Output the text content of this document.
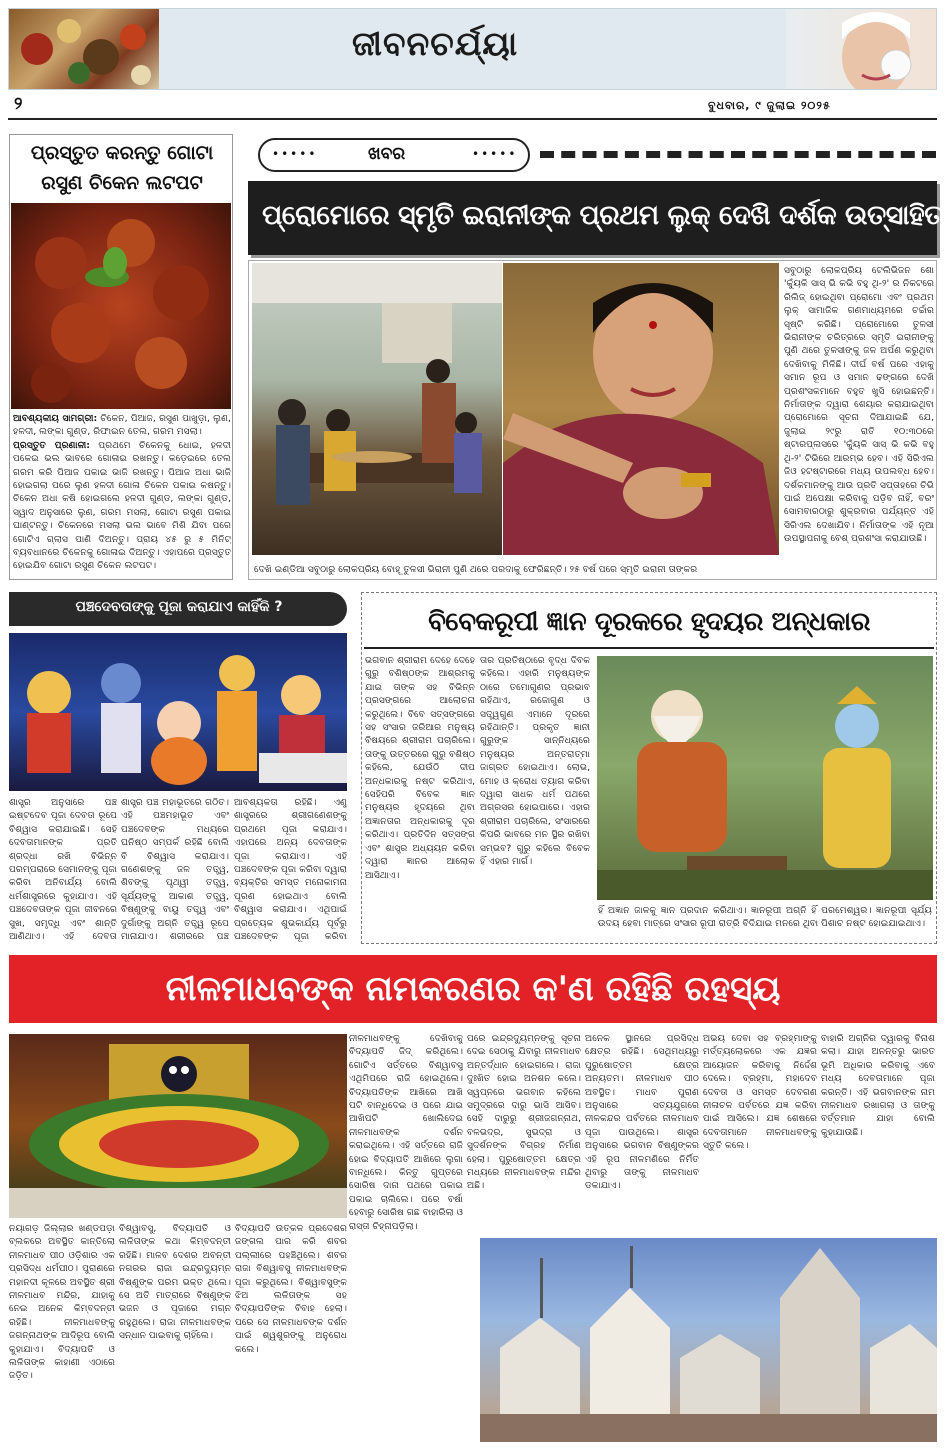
ଜୀବନଚର୍ଯ୍ୟା
୨	ବୁଧବାର, ୯ ଜୁଲାଇ ୨୦୨୫
ପ୍ରସ୍ତୁତ କରନ୍ତୁ ଗୋଟା ରସୁଣ ଚିକେନ ଲଟପଟ
ଆବଶ୍ୟକୀୟ ସାମଗ୍ରୀ: ଚିକେନ, ପିଆଜ, ରସୁଣ ପାଖୁଡ଼ା, ଲୁଣ, ହଳଦୀ, ଲଙ୍କା ଗୁଣ୍ଡ, ରିଫାଇନ ତେଲ, ଗରମ ମସଲା।
ପ୍ରସ୍ତୁତ ପ୍ରଣାଳୀ: ପ୍ରଥମେ ଚିକେନକୁ ଧୋଇ, ହଳଦୀ ପକେଇ ଭଲ ଭାବରେ ଗୋଳାଇ ରଖନ୍ତୁ। କଡ଼େଇରେ ତେଲ ଗରମ କରି ପିଆଜ ପକାଇ ଭାଜି ରଖନ୍ତୁ। ପିଆଜ ଅଧା ଭାଜି ହୋଇଗଲା ପରେ ଲୁଣ ହଳଦୀ ଗୋଳା ଚିକେନ ପକାଇ କଷନ୍ତୁ। ଚିକେନ ଅଧା କଷି ହୋଇଗଲେ ହଳଦୀ ଗୁଣ୍ଡ, ଲଙ୍କା ଗୁଣ୍ଡ, ସ୍ୱାଦ ଅନୁସାରେ ଲୁଣ, ଗରମ ମସଲା, ଗୋଟା ରସୁଣ ପକାଇ ଘାଣ୍ଟନ୍ତୁ। ଚିକେନରେ ମସଲା ଭଲ ଭାବେ ମିଶି ଯିବା ପରେ ଗୋଟିଏ ଗ୍ଲାସ ପାଣି ଦିଅନ୍ତୁ। ପ୍ରାୟ ୪୫ ରୁ ୫ ମିନିଟ୍ ବ୍ୟବଧାନରେ ଚିକେନକୁ ଗୋଳାଇ ଦିଅନ୍ତୁ। ଏହାପରେ ପ୍ରସ୍ତୁତ ହୋଇଯିବ ଗୋଟା ରସୁଣ ଚିକେନ ଲଟପଟ।
•••••	ଖବର	•••••
ପ୍ରୋମୋରେ ସ୍ମୃତି ଇରାନୀଙ୍କ ପ୍ରଥମ ଲୁକ୍ ଦେଖି ଦର୍ଶକ ଉତ୍ସାହିତ
ସବୁଠାରୁ ଲୋକପ୍ରିୟ ଟେଲିଭିଜନ ଶୋ 'କ୍ୟୁଁକି ସାସ୍ ଭି କଭି ବହୁ ଥି-୨' ର ନିକଟରେ ରିଲିଜ୍ ହୋଇଥିବା ପ୍ରୋମୋ ଏବଂ ପ୍ରଥମ ଲୁକ୍ ସାମାଜିକ ଗଣମାଧ୍ୟମରେ ଚର୍ଚ୍ଚାର ସୃଷ୍ଟି କରିଛି। ପ୍ରୋମୋରେ ତୁଳସୀ ଭିରାନୀଙ୍କ ଚରିତ୍ରରେ ସ୍ମୃତି ଇରାନୀଙ୍କୁ ପୁଣି ଥରେ ତୁଳସୀଙ୍କୁ ଜଳ ଅର୍ପଣ କରୁଥିବା ଦେଖିବାକୁ ମିଳିଛି। ଦୀର୍ଘ ବର୍ଷ ପରେ ଏହାକୁ ସମାନ ରୂପ ଓ ସମାନ ଢଙ୍ଗରେ ଦେଖି ପ୍ରଶଂସକମାନେ ବହୁତ ଖୁସି ହୋଇଛନ୍ତି। ନିର୍ମାତାଙ୍କ ଦ୍ୱାରା ଶେୟାର କରାଯାଇଥିବା ପ୍ରୋମୋରେ ସୂଚନା ଦିଆଯାଇଛି ଯେ, ଜୁଲାଇ ୨୯ରୁ ରାତି ୧୦:୩୦ରେ ଷ୍ଟାରପ୍ଲସରେ 'କ୍ୟୁଁକି ସାସ୍ ଭି କଭି ବହୁ ଥି-୨' ଟିଭିରେ ଆରମ୍ଭ ହେବ। ଏହି ସିରିଏଲ ଜିଓ ହଟଷ୍ଟାରରେ ମଧ୍ୟ ଉପଲବ୍ଧ ହେବ। ଦର୍ଶକମାନଙ୍କୁ ଆଉ ପ୍ରତି ସପ୍ତାହରେ ଚିଭି ପାଇଁ ଅପେକ୍ଷା କରିବାକୁ ପଡ଼ିବ ନାହିଁ, ବରଂ ସୋମବାରଠାରୁ ଶୁକ୍ରବାର ପର୍ଯ୍ୟନ୍ତ ଏହି ସିରିଏଲ ଦେଖାଯିବ। ନିର୍ମାତାଙ୍କ ଏହି ନୂଆ ଉପସ୍ଥାପନାକୁ ବେଶ୍ ପ୍ରଶଂସା କରାଯାଉଛି।
ଦେଖି ଇଣ୍ଡିଆ ସବୁଠାରୁ ଲୋକପ୍ରିୟ ବୋହୂ ତୁଳସୀ ଭିରାନୀ ପୁଣି ଥରେ ପରଦାକୁ ଫେରିଛନ୍ତି। ୨୫ ବର୍ଷ ପରେ ସ୍ମୃତି ଇରାନୀ ତାଙ୍କର
ପଞ୍ଚଦେବତାଙ୍କୁ ପୂଜା କରାଯାଏ କାହିଁକି ?
ଶାସ୍ତ୍ର ଅନୁସାରେ ପଞ୍ଚ ଇଷ୍ଟଦେବ ପୂଜା ଦେବତା ରୂପେ ବିଶ୍ୱାସ କରାଯାଇଛି। ସେହି ଦେବତାମାନଙ୍କ ପ୍ରତି ଶ୍ରଦ୍ଧା ରଖି ବିଭିନ୍ନ ପରମ୍ପରାରେ ସେମାନଙ୍କୁ ପୂଜା କରିବା ଅନିବାର୍ଯ୍ୟ ବୋଲି ଧର୍ମଶାସ୍ତ୍ରରେ କୁହାଯାଏ। ଏହି ପଞ୍ଚଦେବତାଙ୍କ ପୂଜା ଜୀବନରେ ସୁଖ, ସମୃଦ୍ଧି ଏବଂ ଶାନ୍ତି ଆଣିଥାଏ। ଏହି ଦେବତା
ଶାସ୍ତ୍ର ପଞ୍ଚ ମହାଭୂତରେ ଗଠିତ। ଏହି ପଞ୍ଚମହାଭୂତ ଏବଂ ପଞ୍ଚଦେବଙ୍କ ମଧ୍ୟରେ ଘନିଷ୍ଠ ସମ୍ପର୍କ ରହିଛି ବୋଲି ବି ବିଶ୍ୱାସ କରାଯାଏ। ଗଣେଶଙ୍କୁ ଜଳ ତତ୍ତ୍ୱ, ଶିବଙ୍କୁ ପୃଥ୍ୱୀ ତତ୍ତ୍ୱ, ସୂର୍ଯ୍ୟଙ୍କୁ ଆକାଶ ତତ୍ତ୍ୱ, ବିଷ୍ଣୁଙ୍କୁ ବାୟୁ ତତ୍ତ୍ୱ ଏବଂ ଦୁର୍ଗାଙ୍କୁ ଅଗ୍ନି ତତ୍ତ୍ୱ ରୂପେ ମାନାଯାଏ। ଶରୀରରେ ପଞ୍ଚ
ଆବଶ୍ୟକତା ରହିଛି। ଏଣୁ ଶାସ୍ତ୍ରରେ ଶ୍ରୀଗଣେଶଙ୍କୁ ପ୍ରଥମେ ପୂଜା କରାଯାଏ। ଏହାପରେ ଅନ୍ୟ ଦେବତାଙ୍କ ପୂଜା କରାଯାଏ। ଏହି ପଞ୍ଚଦେବଙ୍କ ପୂଜା କରିବା ଦ୍ୱାରା ବ୍ୟକ୍ତିର ସମସ୍ତ ମନୋକାମନା ପୂରଣ ହୋଇଥାଏ ବୋଲି ବିଶ୍ୱାସ କରାଯାଏ। ଏଥିପାଇଁ ପ୍ରତ୍ୟେକ ଶୁଭକାର୍ଯ୍ୟ ପୂର୍ବରୁ ପଞ୍ଚଦେବଙ୍କ ପୂଜା କରିବା
ବିବେକରୂପୀ ଜ୍ଞାନ ଦୂରକରେ ହୃଦୟର ଅନ୍ଧକାର
ଭଗବାନ ଶ୍ରୀରାମ ଦେହେ ଦେହେ ଗୁରୁ ବଶିଷ୍ଠଙ୍କ ଆଶ୍ରମକୁ ଯାଇ ତାଙ୍କ ସହ ବିଭିନ୍ନ ପ୍ରସଙ୍ଗରେ ଆଲୋଚନା କରୁଥିଲେ। ବିବେ ସତ୍ସଙ୍ଗରେ ସହ ସଂସାର ଜରିଆର ମନୁଷ୍ୟ ବିଷୟରେ ଶ୍ରୀରାମ ପଚାରିଲେ। ତାଙ୍କୁ ଉତ୍ତରରେ ଗୁରୁ ବଶିଷ୍ଠ କହିଲେ, ଯେଉଁଠି ଦୀପ ଅନ୍ଧକାରକୁ ନଷ୍ଟ କରିଥାଏ, ସେହିପରି ବିବେକ ଜ୍ଞାନ ମନୁଷ୍ୟର ହୃଦୟରେ ଥିବା ଅଜ୍ଞାନତାର ଅନ୍ଧକାରକୁ ଦୂର କରିଥାଏ। ପ୍ରତିଦିନ ସତ୍ସଙ୍ଗ ଏବଂ ଶାସ୍ତ୍ର ଅଧ୍ୟୟନ କରିବା ଦ୍ୱାରା ଜ୍ଞାନର ଆଲୋକ ଆସିଥାଏ।
ତାର ପ୍ରତିଷ୍ଠାରେ ବୃଦ୍ଧ ଦିବକ କହିଲେ। ଏହାରି ମନୁଷ୍ୟଙ୍କ ଠାରେ ତମୋଗୁଣର ପ୍ରଭାବ ରହିଥାଏ, ରଜୋଗୁଣ ଓ ସତ୍ତ୍ୱଗୁଣ ଏମାନେ ଦୂରରେ ରହିଥାନ୍ତି। ପ୍ରକୃତ ଜ୍ଞାନୀ ଗୁରୁଙ୍କ ସାନ୍ନିଧ୍ୟରେ ମନୁଷ୍ୟର ଅନ୍ତରାତ୍ମା ଜାଗ୍ରତ ହୋଇଥାଏ। ଲୋଭ, ମୋହ ଓ କ୍ରୋଧ ତ୍ୟାଗ କରିବା ଦ୍ୱାରା ସାଧକ ଧର୍ମ ପଥରେ ଅଗ୍ରସର ହୋଇପାରେ। ଏହାର ଶ୍ରୀରାମ ପଚାରିଲେ, ସଂସାରରେ କିପରି ଭାବରେ ମନ ସ୍ଥିର ରଖିବା ସମ୍ଭବ? ଗୁରୁ କହିଲେ ବିବେକ ହିଁ ଏହାର ମାର୍ଗ।
ହିଁ ଅଜ୍ଞାନ ଜାଳକୁ ଜ୍ଞାନ ପ୍ରଦାନ କରିଥାଏ। ଜ୍ଞାନରୂପୀ ଅଗ୍ନି ହିଁ ପରମେଶ୍ୱର। ଜ୍ଞାନରୂପୀ ସୂର୍ଯ୍ୟ ଉଦୟ ହେବା ମାତ୍ରେ ସଂସାର ରୂପୀ ରାତ୍ରି ବିଦିଯାଇ ମନରେ ଥିବା ପିଶାଚ ନଷ୍ଟ ହୋଇଯାଇଥାଏ।
ନୀଳମାଧବଙ୍କ ନାମକରଣର କ'ଣ ରହିଛି ରହସ୍ୟ
ନୀଳମାଧବଙ୍କୁ ଦେଖିବାକୁ ବିଦ୍ୟାପତି ଜିଦ୍ କରିଥିଲେ। ଗୋଟିଏ ସର୍ତ୍ତରେ ବିଶ୍ୱାବସୁ ଏଥିମିପରେ ରାଜି ହୋଇଥିଲେ। ବିଦ୍ୟାପତିଙ୍କ ଆଖିରେ ଆଖି ପଟି ବାନ୍ଧିଦେଇ ଓ ପରେ ଯାଇ ଆଖିପଟି ଖୋଲିଦେଇ ନୀଳମାଧବଙ୍କ ଦର୍ଶନ କରାଇଥିଲେ। ଏହି ସର୍ତ୍ତରେ ରାଜି ହୋଇ ବିଦ୍ୟାପତି ଆଖିରେ ଲୁଗା ବାନ୍ଧିଲେ। କିନ୍ତୁ ଗୁପ୍ତରେ ସୋରିଷ ଦାନା ପଥରେ ପକାଇ ପକାଇ ଚାଲିଲେ। ପରେ ବର୍ଷା ହେବାରୁ ସୋରିଷ ଗଛ ବାହାରିଲା ଓ ରାସ୍ତା ଚିହ୍ନାପଡ଼ିଲା।
ପରେ ଇନ୍ଦ୍ରଦ୍ୟୁମ୍ନଙ୍କୁ ସୂଚନା ଦେଇ ସେଠାକୁ ଯିବାରୁ ନୀଳମାଧବ ଅନ୍ତର୍ଦ୍ଧାନ ହୋଇଗଲେ। ରାଜା ଦୁଃଖିତ ହୋଇ ଅନଶନ କଲେ। ସ୍ୱପ୍ନରେ ଭଗବାନ କହିଲେ ସମୁଦ୍ରରେ ଦାରୁ ଭାସି ଆସିବ। ସେହି ଦାରୁରୁ ଶ୍ରୀଜଗନ୍ନାଥ, ବଳଭଦ୍ର, ସୁଭଦ୍ରା ଓ ସୁଦର୍ଶନଙ୍କ ବିଗ୍ରହ ନିର୍ମାଣ ହେଲା। ପୁରୁଷୋତ୍ତମ କ୍ଷେତ୍ର ମଧ୍ୟରେ ନୀଳମାଧବଙ୍କ ମନ୍ଦିର ଅଛି।
ଅନେକ ସ୍ଥାନରେ ପ୍ରସିଦ୍ଧ କ୍ଷେତ୍ର ରହିଛି। ସେଥିମଧ୍ୟରୁ ପୁରୁଷୋତ୍ତମ କ୍ଷେତ୍ର ଅନ୍ୟତମ। ନୀଳମାଧବ ପୀଠ ଅବସ୍ଥିତ। ମାଧବ ପୁରାଣ ଅନୁସାରେ ସତ୍ୟଯୁଗରେ ନୀଳକନ୍ଦର ପର୍ବତରେ ନୀଳମାଧବ ପୂଜା ପାଉଥିଲେ। ଶାସ୍ତ୍ର ଅନୁସାରେ ଭଗବାନ ବିଷ୍ଣୁଙ୍କର ଏହି ରୂପ ନୀଳମଣିରେ ନିର୍ମିତ ଥିବାରୁ ତାଙ୍କୁ ନୀଳମାଧବ ଡକାଯାଏ।
ଅଭୟ ଦେବା ସହ ବ୍ରହ୍ମାଙ୍କୁ ମର୍ତ୍ତ୍ୟଲୋକରେ ଏକ ଯଜ୍ଞର ଆୟୋଜନ କରିବାକୁ ନିର୍ଦ୍ଦେଶ ଦେଲେ। ବ୍ରହ୍ମା, ମହାଦେବ ଦେବତା ଓ ସମସ୍ତ ଦେବଗଣ ନୀଳାଚଳ ପର୍ବତରେ ଯଜ୍ଞ କରିବା ପାଇଁ ଆସିଲେ। ଯଜ୍ଞ ଶେଷରେ ଦେବତାମାନେ ନୀଳମାଧବଙ୍କୁ ସ୍ତୁତି କଲେ।
ବାହାରି ଅଗ୍ନିର ଦ୍ୱାରକୁ ବିନାଶ କଲା। ଯାହା ଅନନ୍ତରୁ ଭାରତ ଭୂମି ଅଧିକାର କରିବାକୁ ଏବେ ମଧ୍ୟ ଦେବତାମାନେ ପୂଜା କରନ୍ତି। ଏହି ଭଗବାନଙ୍କ ନାମ ନୀଳମାଧବ ରଖାଗଲା ଓ ତାଙ୍କୁ ବର୍ତ୍ତମାନ ଯାହା ବୋଲି କୁହାଯାଉଛି।
ନୟାଗଡ଼ ଜିଲ୍ଲାର ଖଣ୍ଡପଡ଼ା ବ୍ଲକରେ ଅବସ୍ଥିତ କାନ୍ତିଲୋ ନୀଳମାଧବ ପୀଠ ଓଡ଼ିଶାର ଏକ ପ୍ରସିଦ୍ଧ ଧର୍ମପୀଠ। ପୁରାଣରେ ମହାନଦୀ କୂଳରେ ଅବସ୍ଥିତ ଶ୍ରୀ ନୀଳମାଧବ ମନ୍ଦିର, ଯାହାକୁ ନେଇ ଅନେକ କିମ୍ବଦନ୍ତୀ ରହିଛି। ନୀଳମାଧବଙ୍କୁ ଜଗନ୍ନାଥଙ୍କ ଆଦିରୂପ ବୋଲି କୁହାଯାଏ। ବିଦ୍ୟାପତି ଓ ଲଳିତାଙ୍କ କାହାଣୀ ଏଠାରେ ଜଡ଼ିତ।
ବିଶ୍ୱାବସୁ, ବିଦ୍ୟାପତି ଓ ଲଳିତାଙ୍କ କଥା କିମ୍ବଦନ୍ତୀ ରହିଛି। ମାଳବ ଦେଶର ଅବନ୍ତୀ ନଗରର ରାଜା ଇନ୍ଦ୍ରଦ୍ୟୁମ୍ନ ବିଷ୍ଣୁଙ୍କ ପରମ ଭକ୍ତ ଥିଲେ। ସେ ଅତି ମାତ୍ରାରେ ବିଷ୍ଣୁଙ୍କ ଭଜନ ଓ ପୂଜାରେ ମଗ୍ନ ରହୁଥିଲେ। ରାଜା ନୀଳମାଧବଙ୍କ ସନ୍ଧାନ ପାଇବାକୁ ଚାହିଁଲେ।
ବିଦ୍ୟାପତି ଉତ୍କଳ ପ୍ରଦେଶର ଜଙ୍ଗଲ ପାର କରି ଶବର ପଲ୍ଲୀରେ ପହଞ୍ଚିଥିଲେ। ଶବର ରାଜା ବିଶ୍ୱାବସୁ ନୀଳମାଧବଙ୍କ ପୂଜା କରୁଥିଲେ। ବିଶ୍ୱାବସୁଙ୍କ ଝିଅ ଲଳିତାଙ୍କ ସହ ବିଦ୍ୟାପତିଙ୍କ ବିବାହ ହେଲା। ପରେ ସେ ନୀଳମାଧବଙ୍କ ଦର୍ଶନ ପାଇଁ ଶ୍ୱଶୁରଙ୍କୁ ଅନୁରୋଧ କଲେ।
